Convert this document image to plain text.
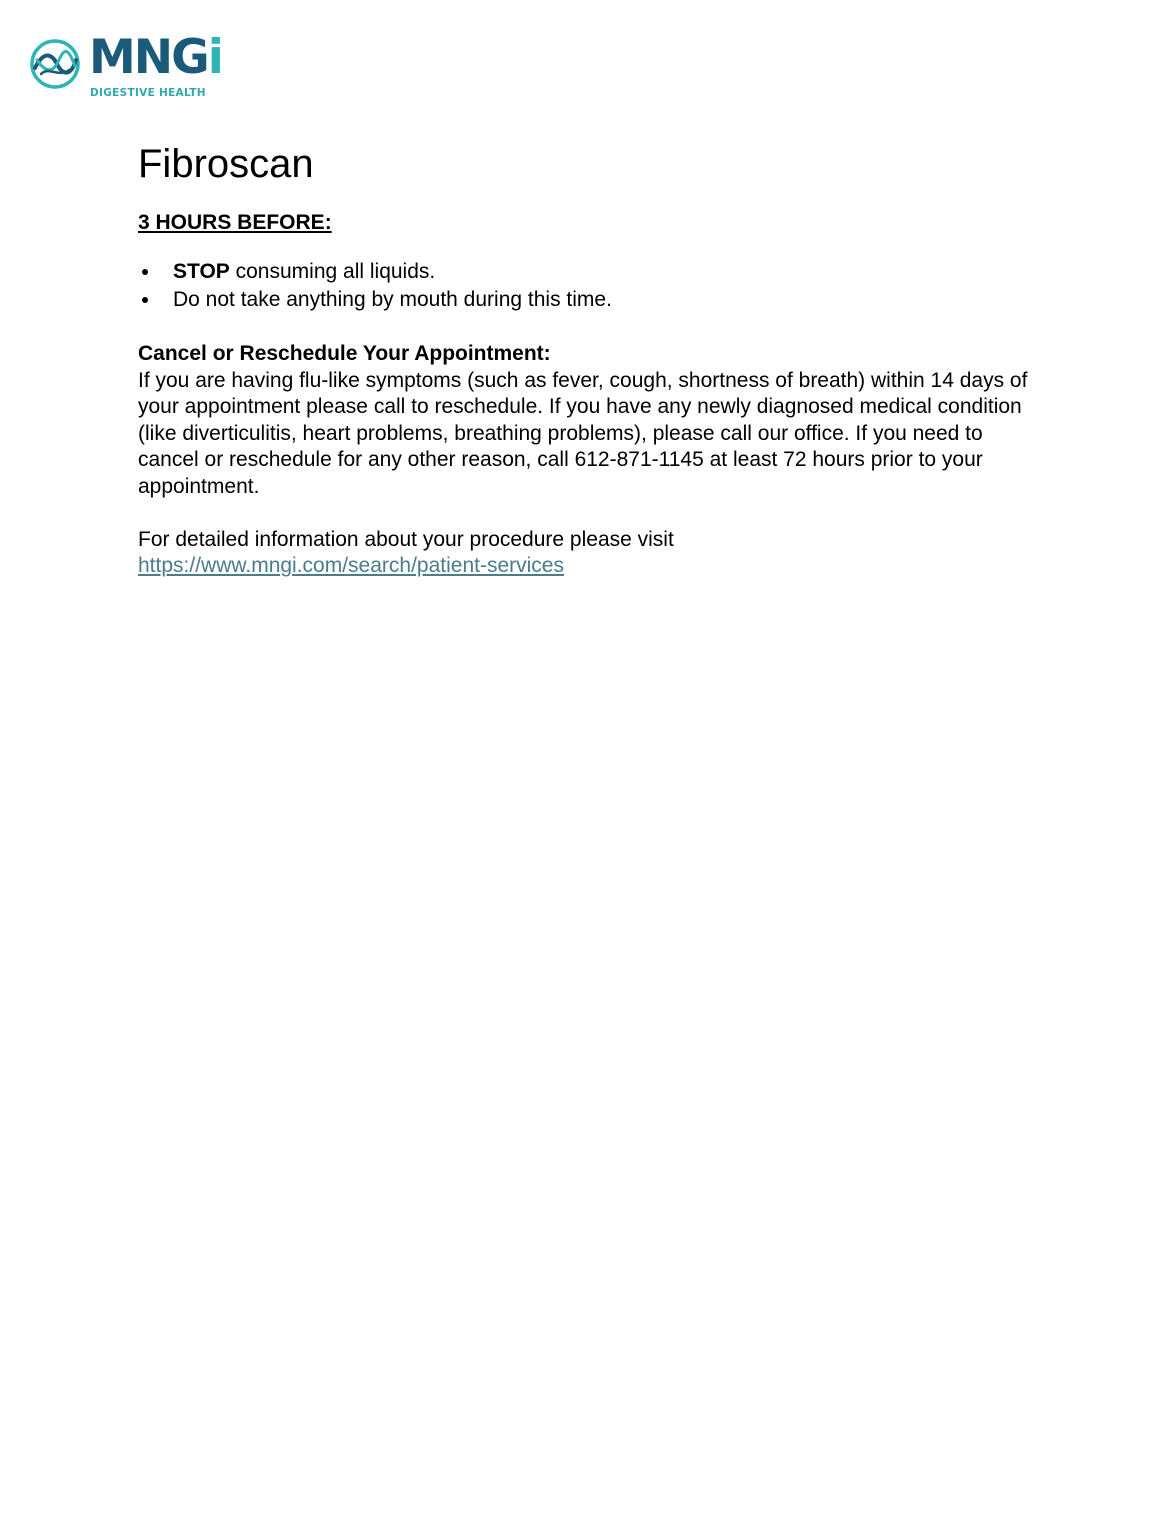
MNGi
DIGESTIVE HEALTH
Fibroscan

3 HOURS BEFORE:

STOP consuming all liquids.
Do not take anything by mouth during this time.

Cancel or Reschedule Your Appointment:

If you are having flu-like symptoms (such as fever, cough, shortness of breath) within 14 days of your appointment please call to reschedule. If you have any newly diagnosed medical condition (like diverticulitis, heart problems, breathing problems), please call our office. If you need to cancel or reschedule for any other reason, call 612-871-1145 at least 72 hours prior to your appointment.

For detailed information about your procedure please visit

https://www.mngi.com/search/patient-services
